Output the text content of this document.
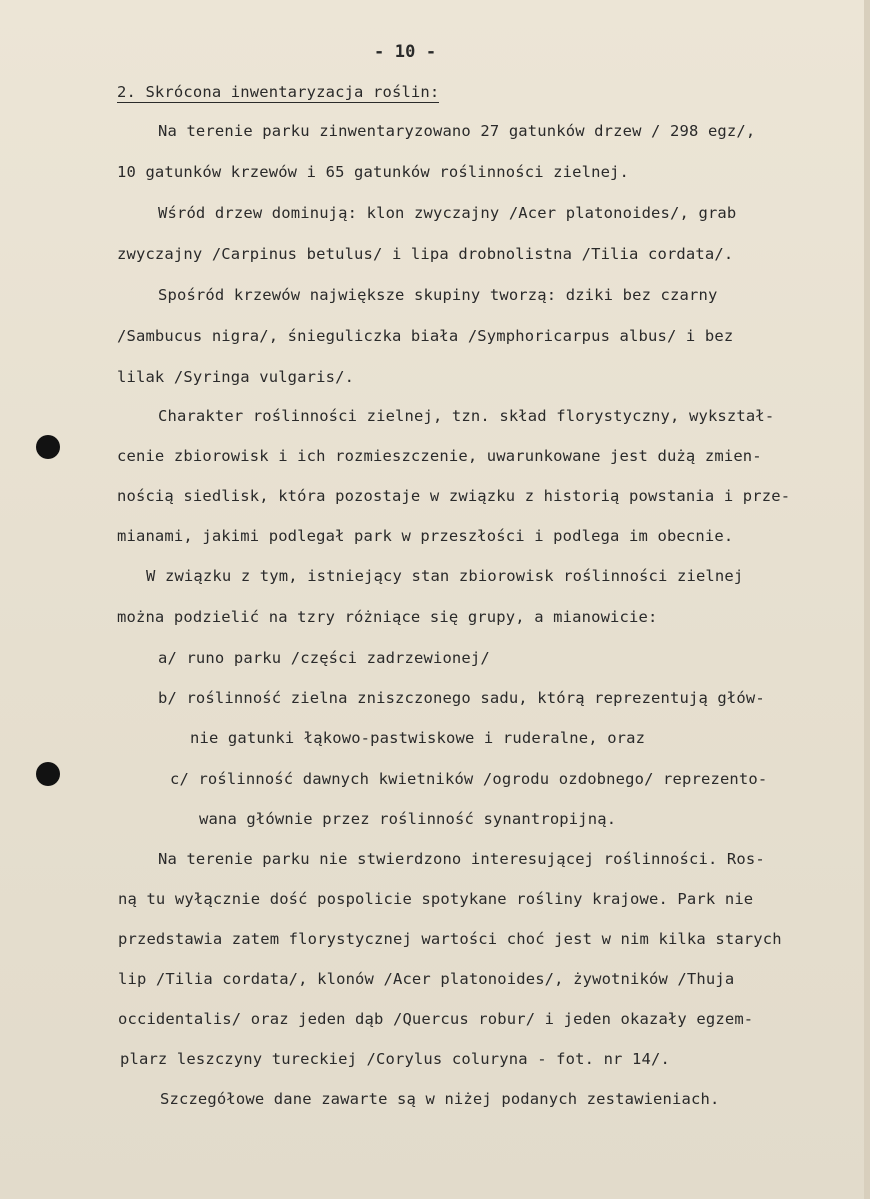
- 10 -
2. Skrócona inwentaryzacja roślin:
Na terenie parku zinwentaryzowano 27 gatunków drzew / 298 egz/,
10 gatunków krzewów i 65 gatunków roślinności zielnej.
Wśród drzew dominują: klon zwyczajny /Acer platonoides/, grab
zwyczajny /Carpinus betulus/ i lipa drobnolistna /Tilia cordata/.
Spośród krzewów największe skupiny tworzą: dziki bez czarny
/Sambucus nigra/, śnieguliczka biała /Symphoricarpus albus/ i bez
lilak /Syringa vulgaris/.
Charakter roślinności zielnej, tzn. skład florystyczny, wykształ-
cenie zbiorowisk i ich rozmieszczenie, uwarunkowane jest dużą zmien-
nością siedlisk, która pozostaje w związku z historią powstania i prze-
mianami, jakimi podlegał park w przeszłości i podlega im obecnie.
W związku z tym, istniejący stan zbiorowisk roślinności zielnej
można podzielić na tzry różniące się grupy, a mianowicie:
a/ runo parku /części zadrzewionej/
b/ roślinność zielna zniszczonego sadu, którą reprezentują głów-
nie gatunki łąkowo-pastwiskowe i ruderalne, oraz
c/ roślinność dawnych kwietników /ogrodu ozdobnego/ reprezento-
wana głównie przez roślinność synantropijną.
Na terenie parku nie stwierdzono interesującej roślinności. Ros-
ną tu wyłącznie dość pospolicie spotykane rośliny krajowe. Park nie
przedstawia zatem florystycznej wartości choć jest w nim kilka starych
lip /Tilia cordata/, klonów /Acer platonoides/, żywotników /Thuja
occidentalis/ oraz jeden dąb /Quercus robur/ i jeden okazały egzem-
plarz leszczyny tureckiej /Corylus coluryna - fot. nr 14/.
Szczegółowe dane zawarte są w niżej podanych zestawieniach.
